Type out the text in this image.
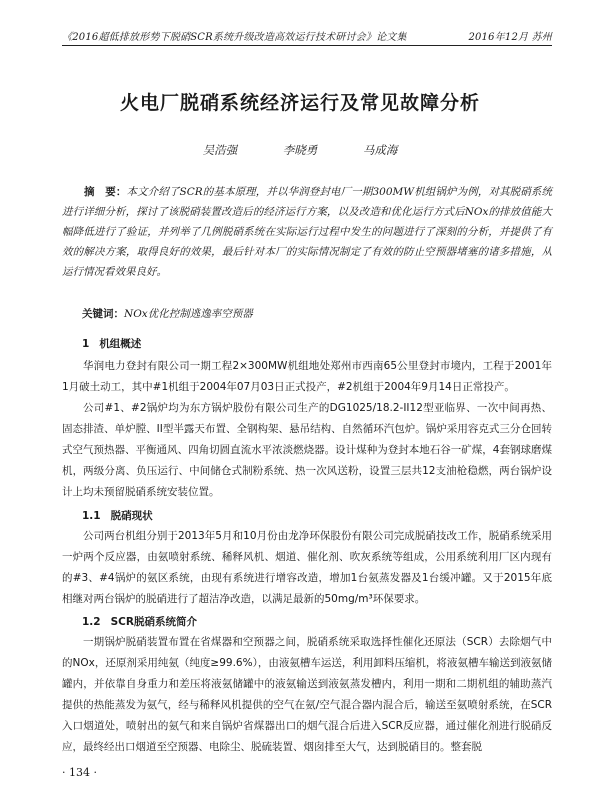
《2016超低排放形势下脱硝SCR系统升级改造高效运行技术研讨会》论文集	2016年12月 苏州
火电厂脱硝系统经济运行及常见故障分析
吴浩强	李晓勇	马成海
摘　要：本文介绍了SCR的基本原理，并以华润登封电厂一期300MW机组锅炉为例，对其脱硝系统进行详细分析，探讨了该脱硝装置改造后的经济运行方案，以及改造和优化运行方式后NOx的排放值能大幅降低进行了验证，并列举了几例脱硝系统在实际运行过程中发生的问题进行了深刻的分析，并提供了有效的解决方案，取得良好的效果，最后针对本厂的实际情况制定了有效的防止空预器堵塞的诸多措施，从运行情况看效果良好。
关键词：NOx优化控制逃逸率空预器
1 机组概述
华润电力登封有限公司一期工程2×300MW机组地处郑州市西南65公里登封市境内，工程于2001年1月破土动工，其中#1机组于2004年07月03日正式投产，#2机组于2004年9月14日正常投产。
公司#1、#2锅炉均为东方锅炉股份有限公司生产的DG1025/18.2-II12型亚临界、一次中间再热、固态排渣、单炉膛、II型半露天布置、全钢构架、悬吊结构、自然循环汽包炉。锅炉采用容克式三分仓回转式空气预热器、平衡通风、四角切圆直流水平浓淡燃烧器。设计煤种为登封本地石谷一矿煤，4套钢球磨煤机，两级分离、负压运行、中间储仓式制粉系统、热一次风送粉，设置三层共12支油枪稳燃，两台锅炉设计上均未预留脱硝系统安装位置。
1.1 脱硝现状
公司两台机组分别于2013年5月和10月份由龙净环保股份有限公司完成脱硝技改工作，脱硝系统采用一炉两个反应器，由氨喷射系统、稀释风机、烟道、催化剂、吹灰系统等组成，公用系统利用厂区内现有的#3、#4锅炉的氨区系统，由现有系统进行增容改造，增加1台氨蒸发器及1台缓冲罐。又于2015年底相继对两台锅炉的脱硝进行了超洁净改造，以满足最新的50mg/m³环保要求。
1.2 SCR脱硝系统简介
一期锅炉脱硝装置布置在省煤器和空预器之间，脱硝系统采取选择性催化还原法（SCR）去除烟气中的NOx，还原剂采用纯氨（纯度≥99.6%），由液氨槽车运送，利用卸料压缩机，将液氨槽车输送到液氨储罐内，并依靠自身重力和差压将液氨储罐中的液氨输送到液氨蒸发槽内，利用一期和二期机组的辅助蒸汽提供的热能蒸发为氨气，经与稀释风机提供的空气在氨/空气混合器内混合后，输送至氨喷射系统，在SCR入口烟道处，喷射出的氨气和来自锅炉省煤器出口的烟气混合后进入SCR反应器，通过催化剂进行脱硝反应，最终经出口烟道至空预器、电除尘、脱硫装置、烟囱排至大气，达到脱硝目的。整套脱
· 134 ·
